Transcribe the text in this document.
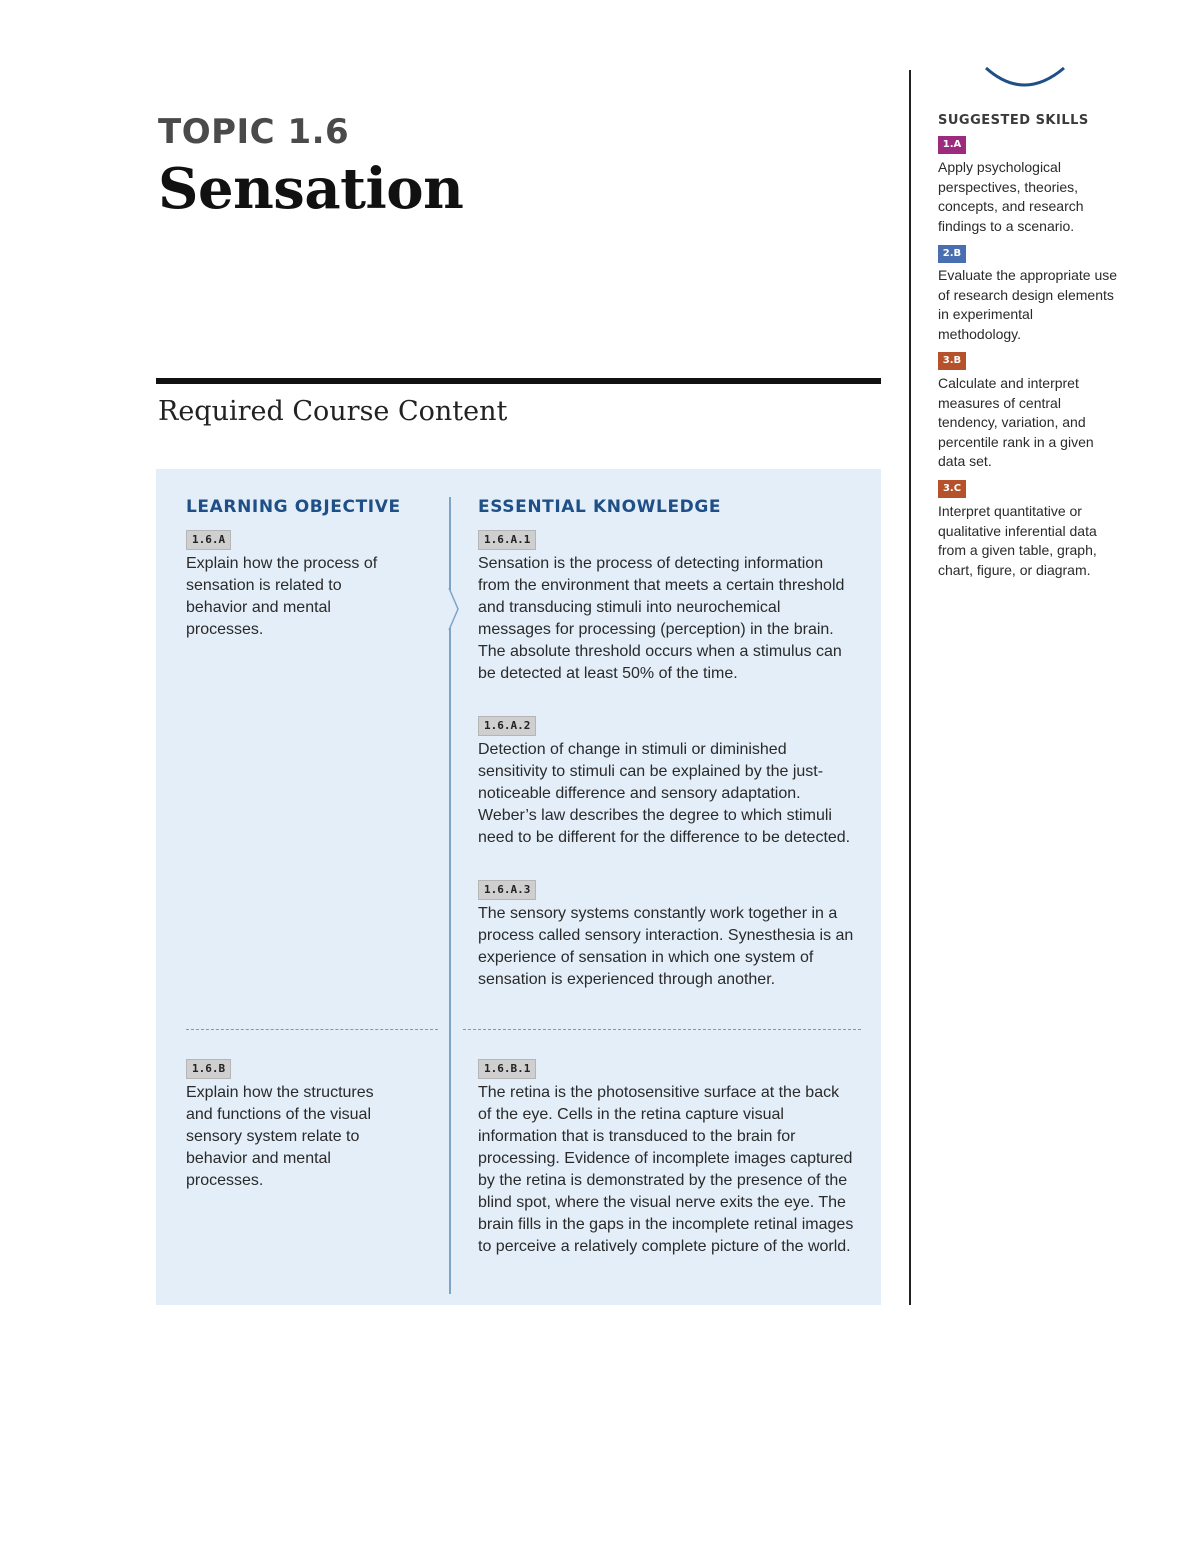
TOPIC 1.6
Sensation
Required Course Content
LEARNING OBJECTIVE	ESSENTIAL KNOWLEDGE
1.6.A
Explain how the process of sensation is related to behavior and mental processes.
1.6.A.1
Sensation is the process of detecting information from the environment that meets a certain threshold and transducing stimuli into neurochemical messages for processing (perception) in the brain. The absolute threshold occurs when a stimulus can be detected at least 50% of the time.
1.6.A.2
Detection of change in stimuli or diminished sensitivity to stimuli can be explained by the just-noticeable difference and sensory adaptation. Weber’s law describes the degree to which stimuli need to be different for the difference to be detected.
1.6.A.3
The sensory systems constantly work together in a process called sensory interaction. Synesthesia is an experience of sensation in which one system of sensation is experienced through another.
1.6.B
Explain how the structures and functions of the visual sensory system relate to behavior and mental processes.
1.6.B.1
The retina is the photosensitive surface at the back of the eye. Cells in the retina capture visual information that is transduced to the brain for processing. Evidence of incomplete images captured by the retina is demonstrated by the presence of the blind spot, where the visual nerve exits the eye. The brain fills in the gaps in the incomplete retinal images to perceive a relatively complete picture of the world.
SUGGESTED SKILLS
1.A
Apply psychological perspectives, theories, concepts, and research findings to a scenario.
2.B
Evaluate the appropriate use of research design elements in experimental methodology.
3.B
Calculate and interpret measures of central tendency, variation, and percentile rank in a given data set.
3.C
Interpret quantitative or qualitative inferential data from a given table, graph, chart, figure, or diagram.
